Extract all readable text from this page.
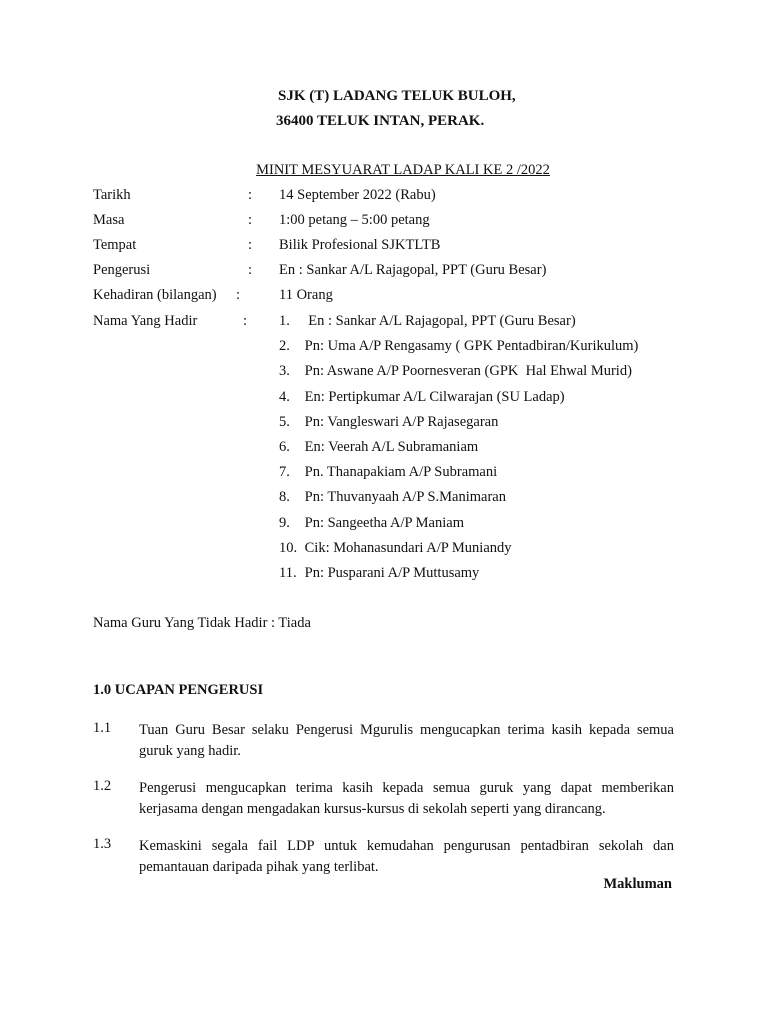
SJK (T) LADANG TELUK BULOH,
36400 TELUK INTAN, PERAK.
MINIT MESYUARAT LADAP KALI KE 2 /2022
Tarikh	: 14 September 2022 (Rabu)
Masa	: 1:00 petang – 5:00 petang
Tempat	: Bilik Profesional SJKTLTB
Pengerusi	: En : Sankar A/L Rajagopal, PPT (Guru Besar)
Kehadiran (bilangan) :	11 Orang
Nama Yang Hadir	: 1.  En : Sankar A/L Rajagopal, PPT (Guru Besar)
2. Pn: Uma A/P Rengasamy ( GPK Pentadbiran/Kurikulum)
3. Pn: Aswane A/P Poornesveran (GPK  Hal Ehwal Murid)
4. En: Pertipkumar A/L Cilwarajan (SU Ladap)
5. Pn: Vangleswari A/P Rajasegaran
6. En: Veerah A/L Subramaniam
7. Pn. Thanapakiam A/P Subramani
8. Pn: Thuvanyaah A/P S.Manimaran
9. Pn: Sangeetha A/P Maniam
10. Cik: Mohanasundari A/P Muniandy
11. Pn: Pusparani A/P Muttusamy
Nama Guru Yang Tidak Hadir : Tiada
1.0 UCAPAN PENGERUSI
1.1 Tuan Guru Besar selaku Pengerusi Mgurulis mengucapkan terima kasih kepada semua guruk yang hadir.
1.2 Pengerusi mengucapkan terima kasih kepada semua guruk yang dapat memberikan kerjasama dengan mengadakan kursus-kursus di sekolah seperti yang dirancang.
1.3 Kemaskini segala fail LDP untuk kemudahan pengurusan pentadbiran sekolah dan pemantauan daripada pihak yang terlibat.
Makluman
